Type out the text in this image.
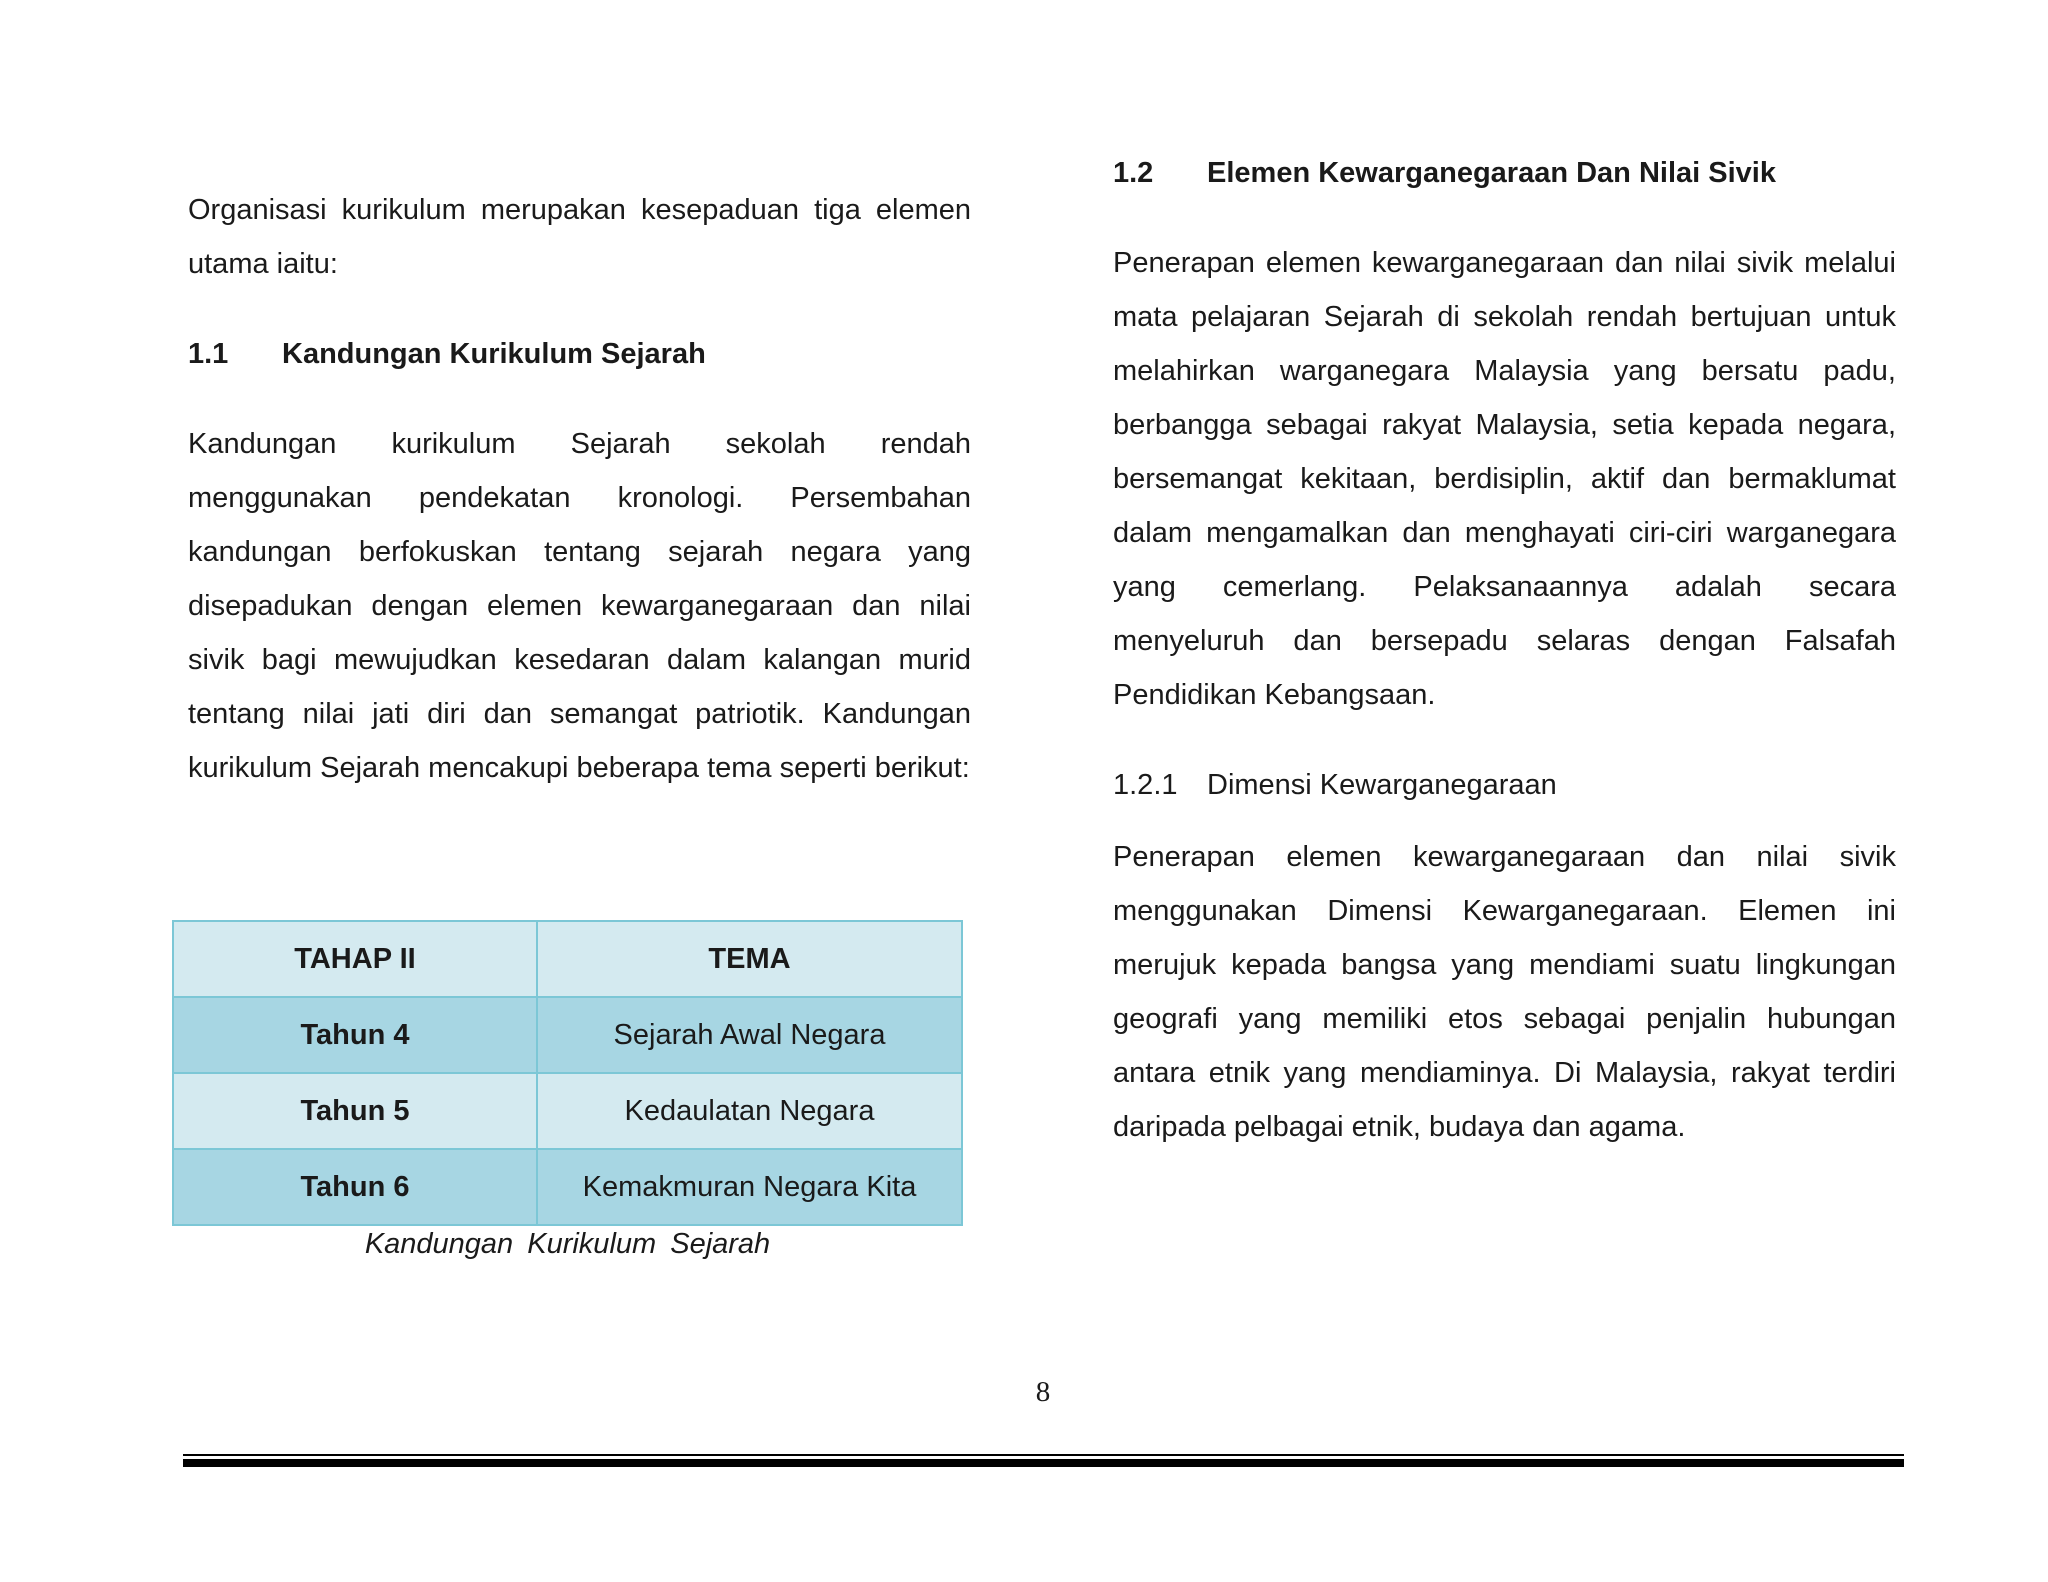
Organisasi kurikulum merupakan kesepaduan tiga elemen utama iaitu:

1.1	Kandungan Kurikulum Sejarah

Kandungan kurikulum Sejarah sekolah rendah menggunakan pendekatan kronologi. Persembahan kandungan berfokuskan tentang sejarah negara yang disepadukan dengan elemen kewarganegaraan dan nilai sivik bagi mewujudkan kesedaran dalam kalangan murid tentang nilai jati diri dan semangat patriotik. Kandungan kurikulum Sejarah mencakupi beberapa tema seperti berikut:

TAHAP II	TEMA
Tahun 4	Sejarah Awal Negara
Tahun 5	Kedaulatan Negara
Tahun 6	Kemakmuran Negara Kita
Kandungan Kurikulum Sejarah
1.2	Elemen Kewarganegaraan Dan Nilai Sivik

Penerapan elemen kewarganegaraan dan nilai sivik melalui mata pelajaran Sejarah di sekolah rendah bertujuan untuk melahirkan warganegara Malaysia yang bersatu padu, berbangga sebagai rakyat Malaysia, setia kepada negara, bersemangat kekitaan, berdisiplin, aktif dan bermaklumat dalam mengamalkan dan menghayati ciri-ciri warganegara yang cemerlang. Pelaksanaannya adalah secara menyeluruh dan bersepadu selaras dengan Falsafah Pendidikan Kebangsaan.

1.2.1	Dimensi Kewarganegaraan

Penerapan elemen kewarganegaraan dan nilai sivik menggunakan Dimensi Kewarganegaraan. Elemen ini merujuk kepada bangsa yang mendiami suatu lingkungan geografi yang memiliki etos sebagai penjalin hubungan antara etnik yang mendiaminya. Di Malaysia, rakyat terdiri daripada pelbagai etnik, budaya dan agama.

8
